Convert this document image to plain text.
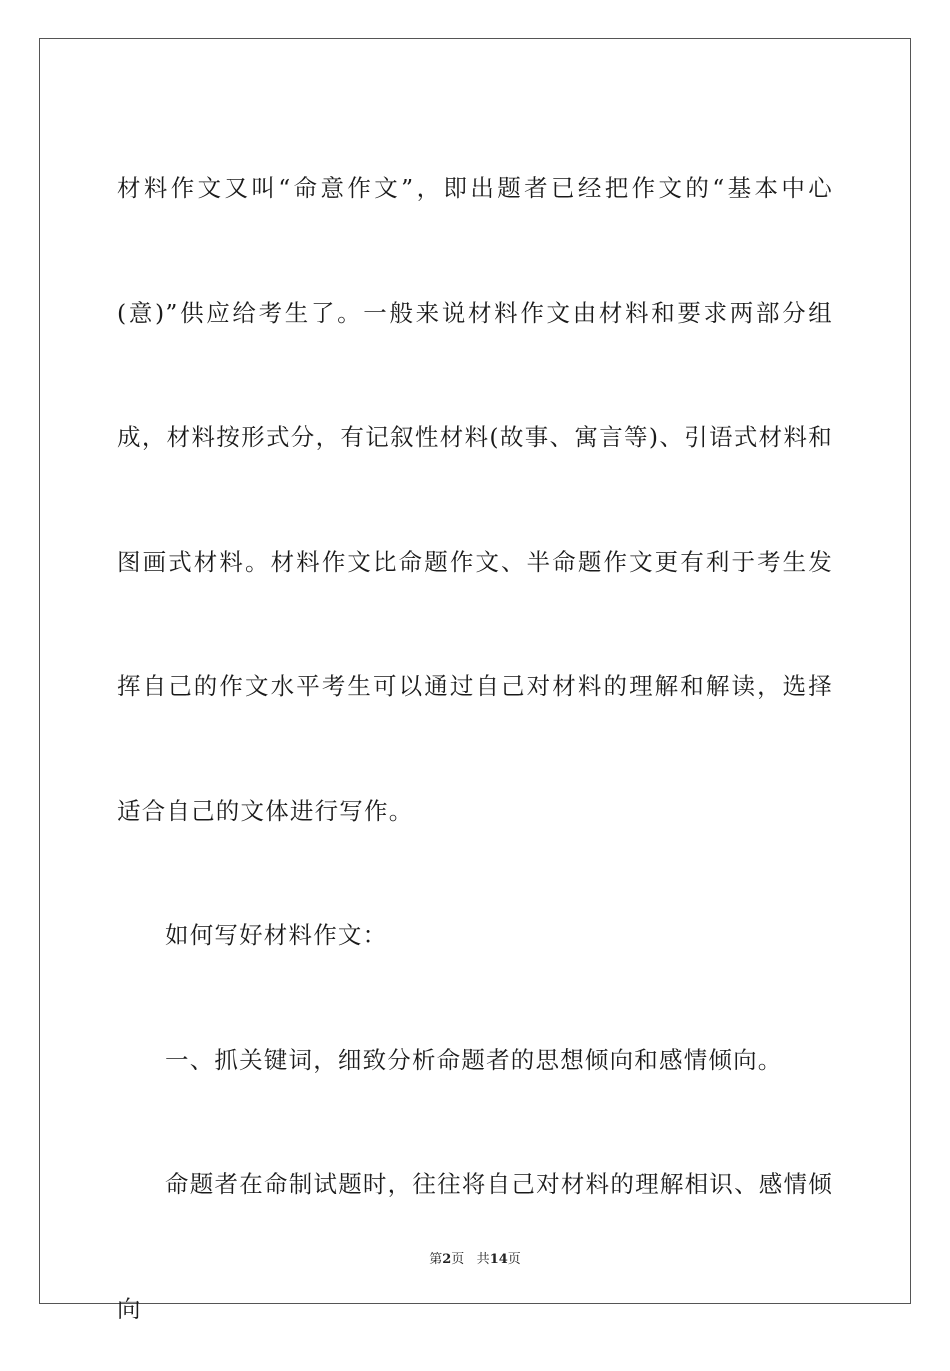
材料作文又叫“命意作文”，即出题者已经把作文的“基本中心(意)”供应给考生了。一般来说材料作文由材料和要求两部分组成，材料按形式分，有记叙性材料(故事、寓言等)、引语式材料和图画式材料。材料作文比命题作文、半命题作文更有利于考生发挥自己的作文水平考生可以通过自己对材料的理解和解读，选择适合自己的文体进行写作。

如何写好材料作文：

一、抓关键词，细致分析命题者的思想倾向和感情倾向。

命题者在命制试题时，往往将自己对材料的理解相识、感情倾向

第2页 共14页
